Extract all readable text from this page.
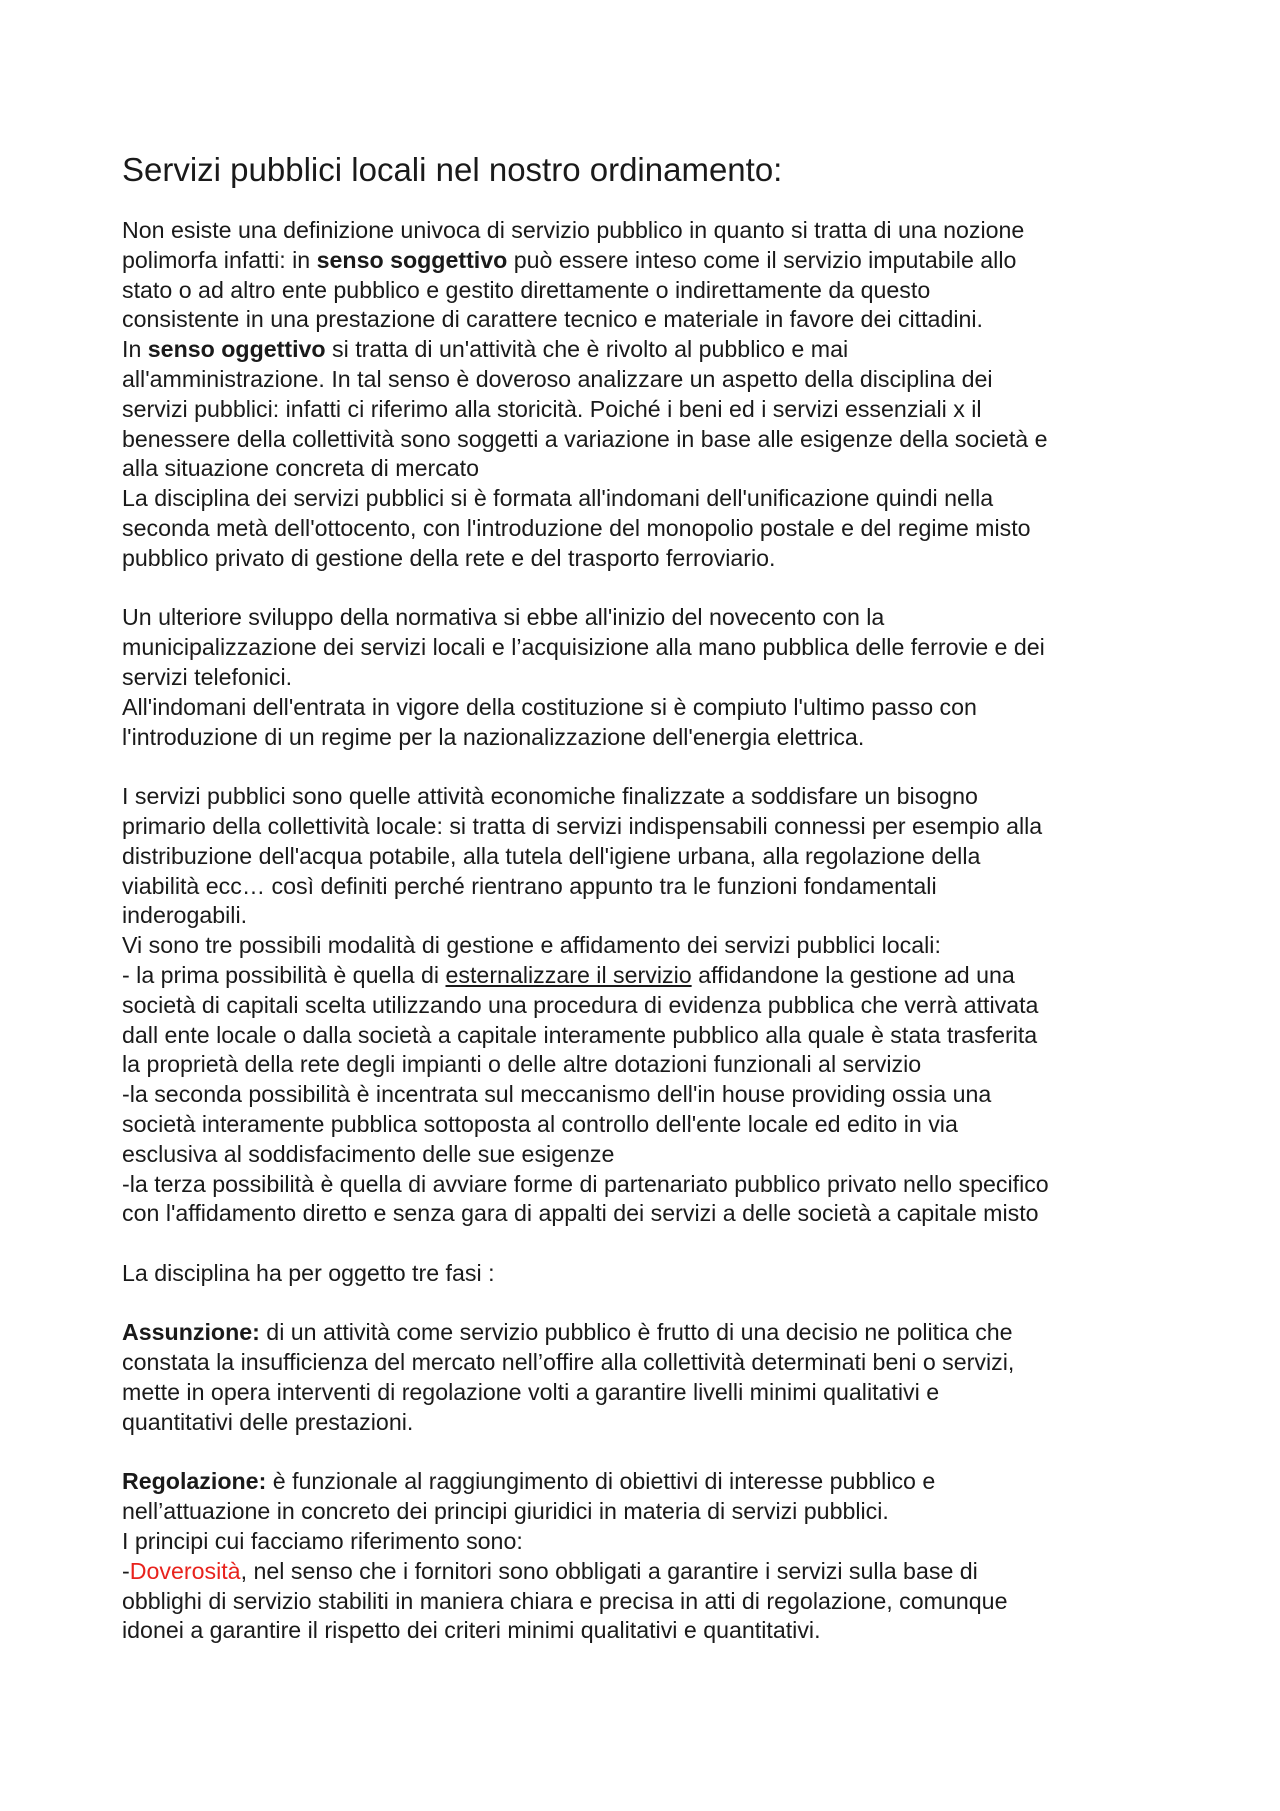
Servizi pubblici locali nel nostro ordinamento:
Non esiste una definizione univoca di servizio pubblico in quanto si tratta di una nozione
polimorfa infatti: in senso soggettivo può essere inteso come il servizio imputabile allo
stato o ad altro ente pubblico e gestito direttamente o indirettamente da questo
consistente in una prestazione di carattere tecnico e materiale in favore dei cittadini.
In senso oggettivo si tratta di un'attività che è rivolto al pubblico e mai
all'amministrazione. In tal senso è doveroso analizzare un aspetto della disciplina dei
servizi pubblici: infatti ci riferimo alla storicità. Poiché i beni ed i servizi essenziali x il
benessere della collettività sono soggetti a variazione in base alle esigenze della società e
alla situazione concreta di mercato
La disciplina dei servizi pubblici si è formata all'indomani dell'unificazione quindi nella
seconda metà dell'ottocento, con l'introduzione del monopolio postale e del regime misto
pubblico privato di gestione della rete e del trasporto ferroviario.
Un ulteriore sviluppo della normativa si ebbe all'inizio del novecento con la
municipalizzazione dei servizi locali e l’acquisizione alla mano pubblica delle ferrovie e dei
servizi telefonici.
All'indomani dell'entrata in vigore della costituzione si è compiuto l'ultimo passo con
l'introduzione di un regime per la nazionalizzazione dell'energia elettrica.
I servizi pubblici sono quelle attività economiche finalizzate a soddisfare un bisogno
primario della collettività locale: si tratta di servizi indispensabili connessi per esempio alla
distribuzione dell'acqua potabile, alla tutela dell'igiene urbana, alla regolazione della
viabilità ecc… così definiti perché rientrano appunto tra le funzioni fondamentali
inderogabili.
Vi sono tre possibili modalità di gestione e affidamento dei servizi pubblici locali:
- la prima possibilità è quella di esternalizzare il servizio affidandone la gestione ad una
società di capitali scelta utilizzando una procedura di evidenza pubblica che verrà attivata
dall ente locale o dalla società a capitale interamente pubblico alla quale è stata trasferita
la proprietà della rete degli impianti o delle altre dotazioni funzionali al servizio
-la seconda possibilità è incentrata sul meccanismo dell'in house providing ossia una
società interamente pubblica sottoposta al controllo dell'ente locale ed edito in via
esclusiva al soddisfacimento delle sue esigenze
-la terza possibilità è quella di avviare forme di partenariato pubblico privato nello specifico
con l'affidamento diretto e senza gara di appalti dei servizi a delle società a capitale misto
La disciplina ha per oggetto tre fasi :
Assunzione: di un attività come servizio pubblico è frutto di una decisio ne politica che
constata la insufficienza del mercato nell’offire alla collettività determinati beni o servizi,
mette in opera interventi di regolazione volti a garantire livelli minimi qualitativi e
quantitativi delle prestazioni.
Regolazione: è funzionale al raggiungimento di obiettivi di interesse pubblico e
nell’attuazione in concreto dei principi giuridici in materia di servizi pubblici.
I principi cui facciamo riferimento sono:
-Doverosità, nel senso che i fornitori sono obbligati a garantire i servizi sulla base di
obblighi di servizio stabiliti in maniera chiara e precisa in atti di regolazione, comunque
idonei a garantire il rispetto dei criteri minimi qualitativi e quantitativi.
